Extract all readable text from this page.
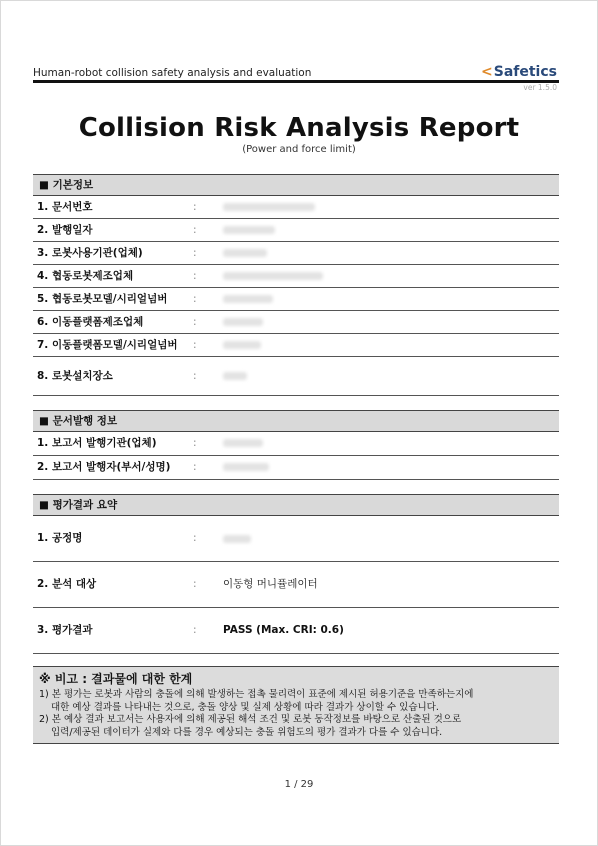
Human-robot collision safety analysis and evaluation	<Safetics
ver 1.5.0
Collision Risk Analysis Report
(Power and force limit)
■ 기본정보
1. 문서번호	:
2. 발행일자	:
3. 로봇사용기관(업체)	:
4. 협동로봇제조업체	:
5. 협동로봇모델/시리얼넘버 :
6. 이동플랫폼제조업체	:
7. 이동플랫폼모델/시리얼넘버 :
8. 로봇설치장소	:
■ 문서발행 정보
1. 보고서 발행기관(업체)	:
2. 보고서 발행자(부서/성명) :
■ 평가결과 요약
1. 공정명	:
2. 분석 대상	:	이동형 머니퓰레이터
3. 평가결과	:	PASS (Max. CRI: 0.6)
※ 비고 : 결과물에 대한 한계
1) 본 평가는 로봇과 사람의 충돌에 의해 발생하는 접촉 물리력이 표준에 제시된 허용기준을 만족하는지에
대한 예상 결과를 나타내는 것으로, 충돌 양상 및 실제 상황에 따라 결과가 상이할 수 있습니다.
2) 본 예상 결과 보고서는 사용자에 의해 제공된 해석 조건 및 로봇 동작정보를 바탕으로 산출된 것으로
입력/제공된 데이터가 실제와 다를 경우 예상되는 충돌 위험도의 평가 결과가 다를 수 있습니다.
1 / 29
